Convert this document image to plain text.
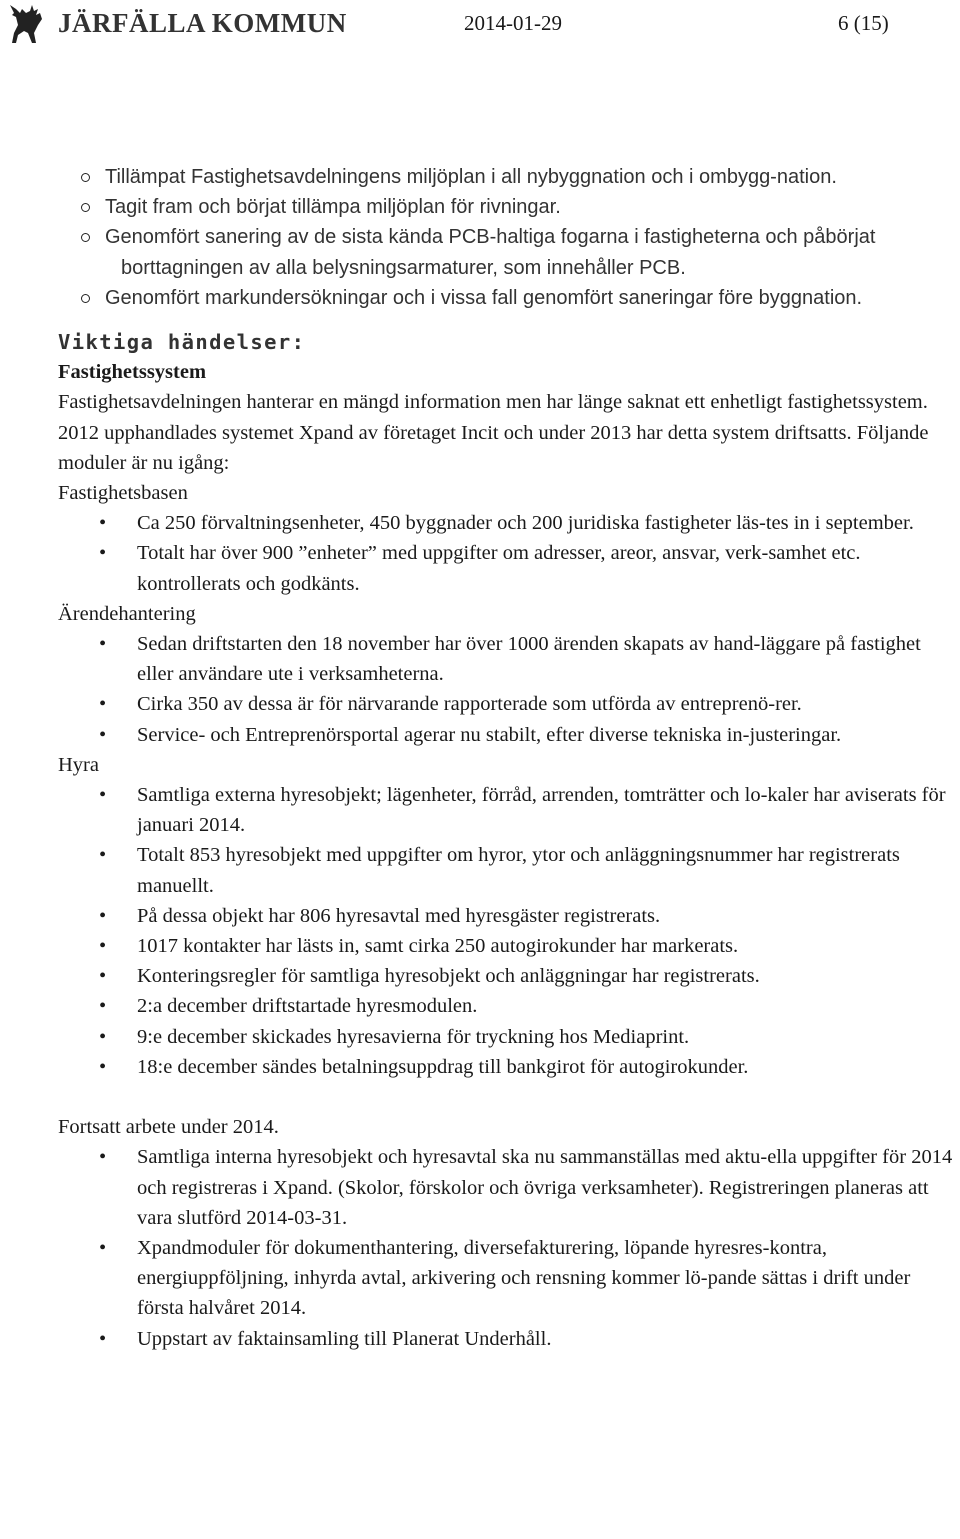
JÄRFÄLLA KOMMUN	2014-01-29	6 (15)
Tillämpat Fastighetsavdelningens miljöplan i all nybyggnation och i ombygg-nation.
Tagit fram och börjat tillämpa miljöplan för rivningar.
Genomfört sanering av de sista kända PCB-haltiga fogarna i fastigheterna och påbörjat borttagningen av alla belysningsarmaturer, som innehåller PCB.
Genomfört markundersökningar och i vissa fall genomfört saneringar före byggnation.
Viktiga händelser:

Fastighetssystem

Fastighetsavdelningen hanterar en mängd information men har länge saknat ett enhetligt fastighetssystem. 2012 upphandlades systemet Xpand av företaget Incit och under 2013 har detta system driftsatts. Följande moduler är nu igång:

Fastighetsbasen

• Ca 250 förvaltningsenheter, 450 byggnader och 200 juridiska fastigheter läs-tes in i september.
• Totalt har över 900 ”enheter” med uppgifter om adresser, areor, ansvar, verk-samhet etc. kontrollerats och godkänts.

Ärendehantering

• Sedan driftstarten den 18 november har över 1000 ärenden skapats av hand-läggare på fastighet eller användare ute i verksamheterna.
• Cirka 350 av dessa är för närvarande rapporterade som utförda av entreprenö-rer.
• Service- och Entreprenörsportal agerar nu stabilt, efter diverse tekniska in-justeringar.

Hyra

• Samtliga externa hyresobjekt; lägenheter, förråd, arrenden, tomträtter och lo-kaler har aviserats för januari 2014.
• Totalt 853 hyresobjekt med uppgifter om hyror, ytor och anläggningsnummer har registrerats manuellt.
• På dessa objekt har 806 hyresavtal med hyresgäster registrerats.
• 1017 kontakter har lästs in, samt cirka 250 autogirokunder har markerats.
• Konteringsregler för samtliga hyresobjekt och anläggningar har registrerats.
• 2:a december driftstartade hyresmodulen.
• 9:e december skickades hyresavierna för tryckning hos Mediaprint.
• 18:e december sändes betalningsuppdrag till bankgirot för autogirokunder.

Fortsatt arbete under 2014.

• Samtliga interna hyresobjekt och hyresavtal ska nu sammanställas med aktu-ella uppgifter för 2014 och registreras i Xpand. (Skolor, förskolor och övriga verksamheter). Registreringen planeras att vara slutförd 2014-03-31.
• Xpandmoduler för dokumenthantering, diversefakturering, löpande hyresres-kontra, energiuppföljning, inhyrda avtal, arkivering och rensning kommer lö-pande sättas i drift under första halvåret 2014.
• Uppstart av faktainsamling till Planerat Underhåll.
